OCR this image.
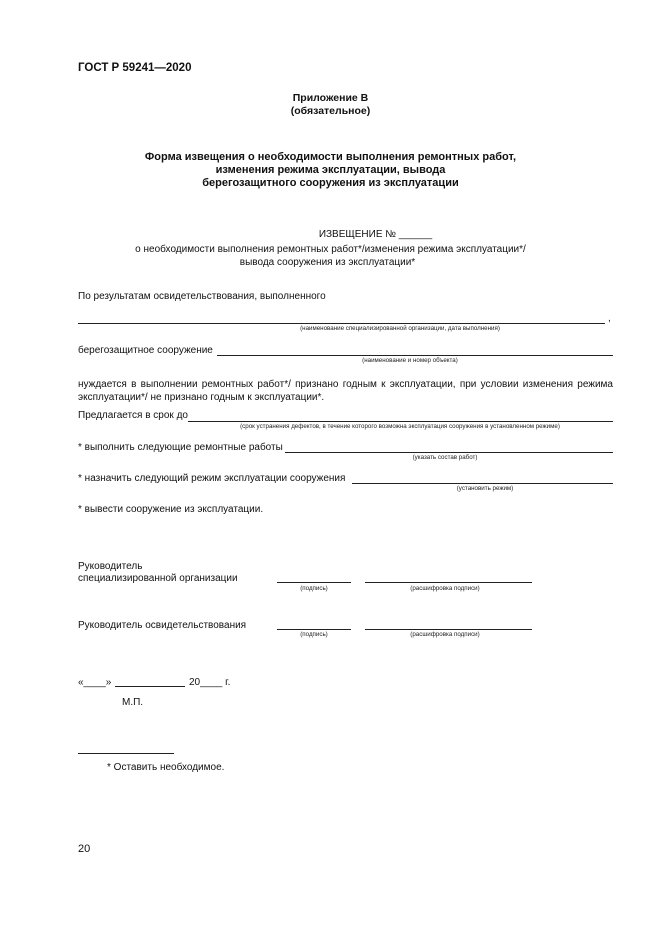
ГОСТ Р 59241—2020
Приложение В
(обязательное)
Форма извещения о необходимости выполнения ремонтных работ,
изменения режима эксплуатации, вывода
берегозащитного сооружения из эксплуатации
ИЗВЕЩЕНИЕ № ______
о необходимости выполнения ремонтных работ*/изменения режима эксплуатации*/
вывода сооружения из эксплуатации*
По результатам освидетельствования, выполненного
,
(наименование специализированной организации, дата выполнения)
берегозащитное сооружение
(наименование и номер объекта)
нуждается в выполнении ремонтных работ*/ признано годным к эксплуатации, при условии изменения режима эксплуатации*/ не признано годным к эксплуатации*.
Предлагается в срок до
(срок устранения дефектов, в течение которого возможна эксплуатация сооружения в установленном режиме)
* выполнить следующие ремонтные работы
(указать состав работ)
* назначить следующий режим эксплуатации сооружения
(установить режим)
* вывести сооружение из эксплуатации.
Руководитель
специализированной организации
(подпись)	(расшифровка подписи)
Руководитель освидетельствования
(подпись)	(расшифровка подписи)
«____»	20____ г.
М.П.
* Оставить необходимое.
20
